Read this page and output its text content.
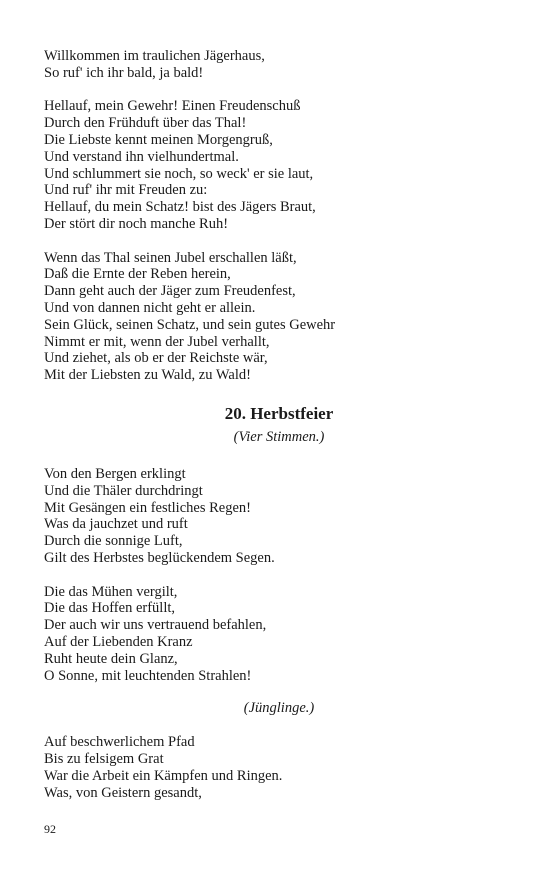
Willkommen im traulichen Jägerhaus,
So ruf' ich ihr bald, ja bald!
Hellauf, mein Gewehr! Einen Freudenschuß
Durch den Frühduft über das Thal!
Die Liebste kennt meinen Morgengruß,
Und verstand ihn vielhundertmal.
Und schlummert sie noch, so weck' er sie laut,
Und ruf' ihr mit Freuden zu:
Hellauf, du mein Schatz! bist des Jägers Braut,
Der stört dir noch manche Ruh!
Wenn das Thal seinen Jubel erschallen läßt,
Daß die Ernte der Reben herein,
Dann geht auch der Jäger zum Freudenfest,
Und von dannen nicht geht er allein.
Sein Glück, seinen Schatz, und sein gutes Gewehr
Nimmt er mit, wenn der Jubel verhallt,
Und ziehet, als ob er der Reichste wär,
Mit der Liebsten zu Wald, zu Wald!
20. Herbstfeier
(Vier Stimmen.)
Von den Bergen erklingt
Und die Thäler durchdringt
Mit Gesängen ein festliches Regen!
Was da jauchzet und ruft
Durch die sonnige Luft,
Gilt des Herbstes beglückendem Segen.
Die das Mühen vergilt,
Die das Hoffen erfüllt,
Der auch wir uns vertrauend befahlen,
Auf der Liebenden Kranz
Ruht heute dein Glanz,
O Sonne, mit leuchtenden Strahlen!
(Jünglinge.)
Auf beschwerlichem Pfad
Bis zu felsigem Grat
War die Arbeit ein Kämpfen und Ringen.
Was, von Geistern gesandt,
92
